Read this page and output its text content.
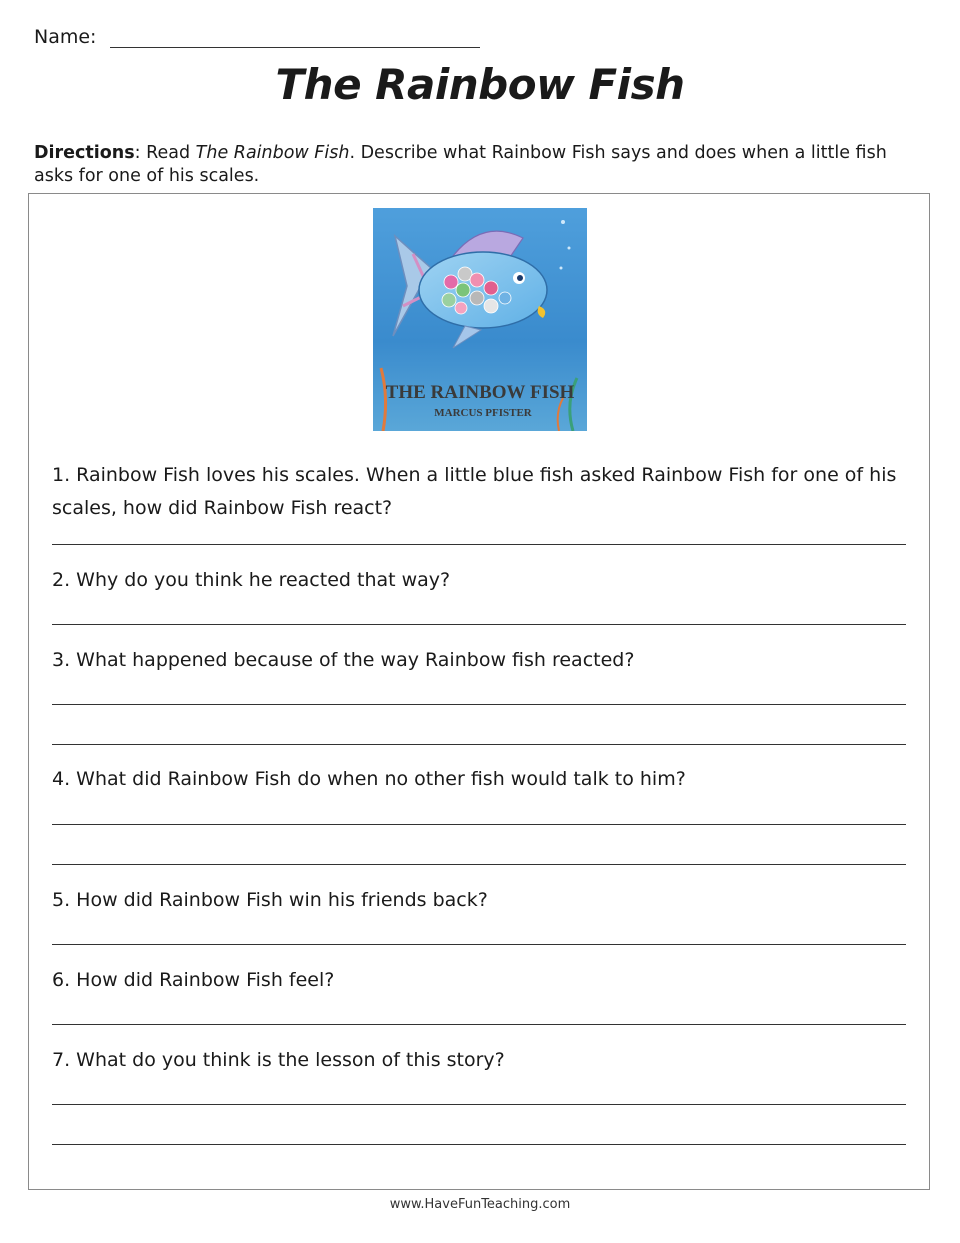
Name:
The Rainbow Fish
Directions: Read The Rainbow Fish. Describe what Rainbow Fish says and does when a little fish asks for one of his scales.
THE RAINBOW FISH
MARCUS PFISTER
1. Rainbow Fish loves his scales. When a little blue fish asked Rainbow Fish for one of his scales, how did Rainbow Fish react?
2. Why do you think he reacted that way?
3. What happened because of the way Rainbow fish reacted?
4. What did Rainbow Fish do when no other fish would talk to him?
5. How did Rainbow Fish win his friends back?
6. How did Rainbow Fish feel?
7. What do you think is the lesson of this story?
www.HaveFunTeaching.com
